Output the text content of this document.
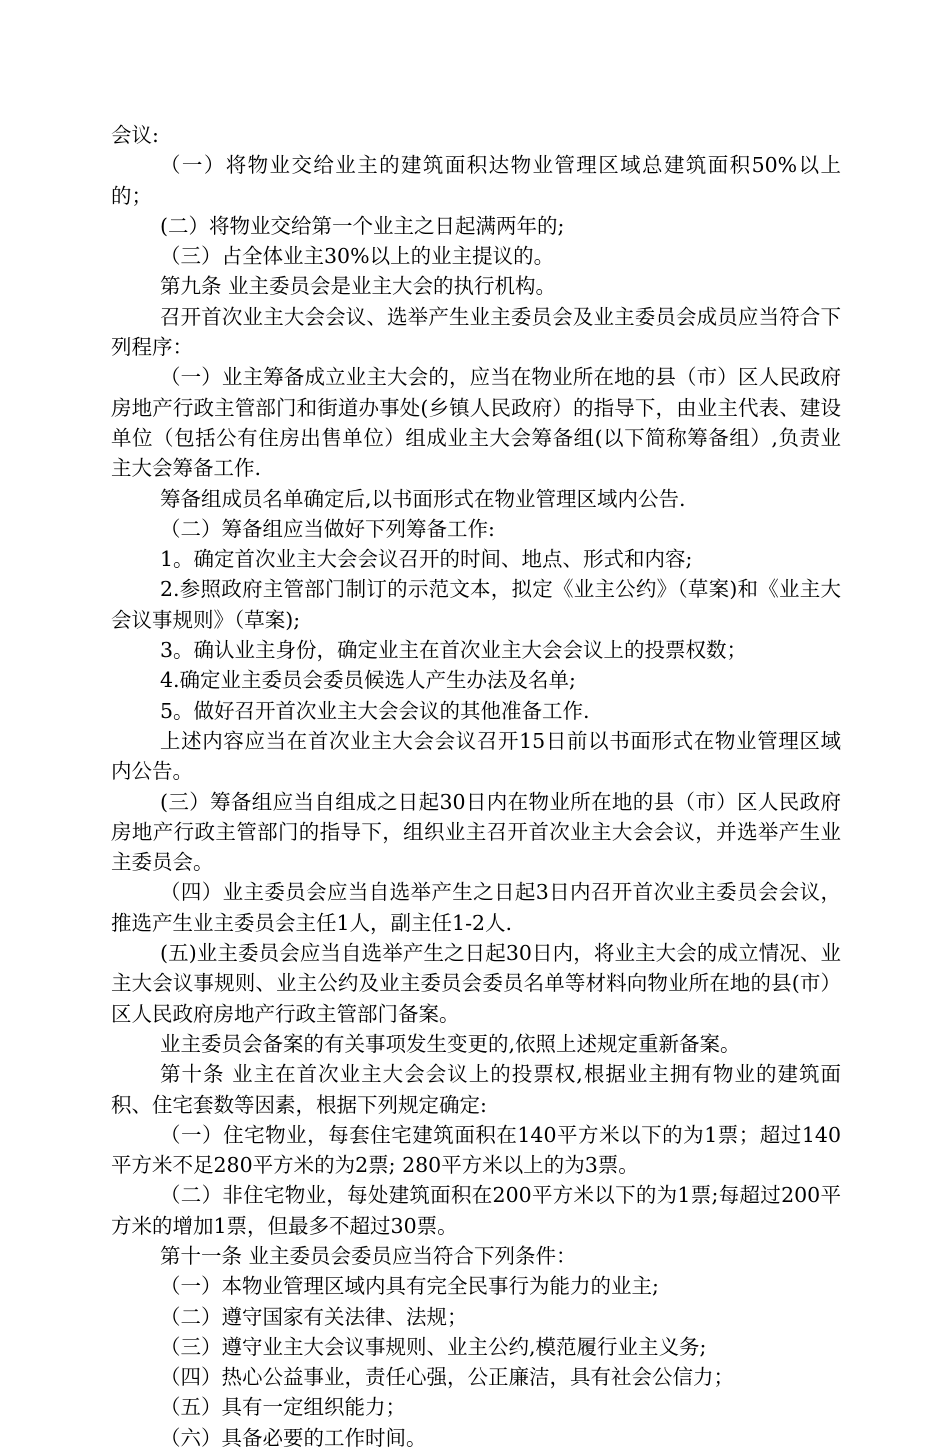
会议:

（一）将物业交给业主的建筑面积达物业管理区域总建筑面积50%以上的；

(二）将物业交给第一个业主之日起满两年的;

（三）占全体业主30%以上的业主提议的。

第九条 业主委员会是业主大会的执行机构。

召开首次业主大会会议、选举产生业主委员会及业主委员会成员应当符合下列程序：

（一）业主筹备成立业主大会的，应当在物业所在地的县（市）区人民政府房地产行政主管部门和街道办事处(乡镇人民政府）的指导下，由业主代表、建设单位（包括公有住房出售单位）组成业主大会筹备组(以下简称筹备组）,负责业主大会筹备工作.

筹备组成员名单确定后,以书面形式在物业管理区域内公告.

（二）筹备组应当做好下列筹备工作:

1。确定首次业主大会会议召开的时间、地点、形式和内容;

2.参照政府主管部门制订的示范文本，拟定《业主公约》（草案)和《业主大会议事规则》（草案);

3。确认业主身份，确定业主在首次业主大会会议上的投票权数；

4.确定业主委员会委员候选人产生办法及名单;

5。做好召开首次业主大会会议的其他准备工作.

上述内容应当在首次业主大会会议召开15日前以书面形式在物业管理区域内公告。

(三）筹备组应当自组成之日起30日内在物业所在地的县（市）区人民政府房地产行政主管部门的指导下，组织业主召开首次业主大会会议，并选举产生业主委员会。

（四）业主委员会应当自选举产生之日起3日内召开首次业主委员会会议，推选产生业主委员会主任1人，副主任1-2人.

(五)业主委员会应当自选举产生之日起30日内，将业主大会的成立情况、业主大会议事规则、业主公约及业主委员会委员名单等材料向物业所在地的县(市）区人民政府房地产行政主管部门备案。

业主委员会备案的有关事项发生变更的,依照上述规定重新备案。

第十条 业主在首次业主大会会议上的投票权,根据业主拥有物业的建筑面积、住宅套数等因素，根据下列规定确定:

（一）住宅物业，每套住宅建筑面积在140平方米以下的为1票；超过140平方米不足280平方米的为2票; 280平方米以上的为3票。

（二）非住宅物业，每处建筑面积在200平方米以下的为1票;每超过200平方米的增加1票，但最多不超过30票。

第十一条 业主委员会委员应当符合下列条件：

（一）本物业管理区域内具有完全民事行为能力的业主;

（二）遵守国家有关法律、法规；

（三）遵守业主大会议事规则、业主公约,模范履行业主义务;

（四）热心公益事业，责任心强，公正廉洁，具有社会公信力；

（五）具有一定组织能力；

（六）具备必要的工作时间。
